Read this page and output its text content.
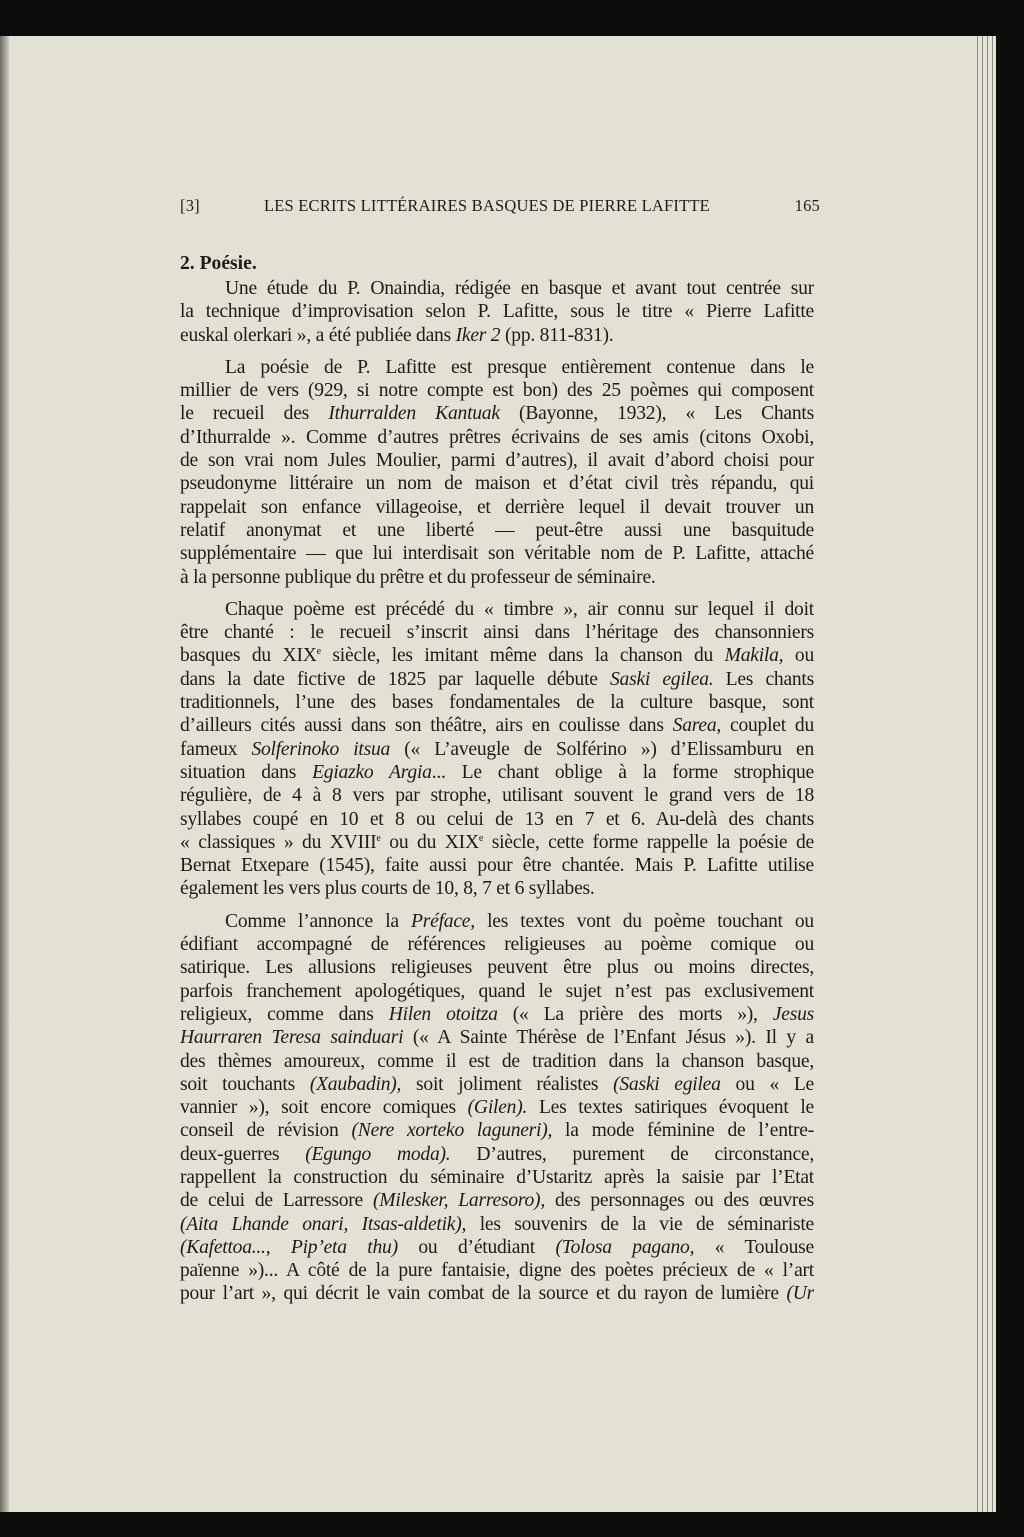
[3]	LES ECRITS LITTÉRAIRES BASQUES DE PIERRE LAFITTE	165
2. Poésie.
Une étude du P. Onaindia, rédigée en basque et avant tout centrée sur
la technique d’improvisation selon P. Lafitte, sous le titre « Pierre Lafitte
euskal olerkari », a été publiée dans Iker 2 (pp. 811-831).
La poésie de P. Lafitte est presque entièrement contenue dans le
millier de vers (929, si notre compte est bon) des 25 poèmes qui composent
le recueil des Ithurralden Kantuak (Bayonne, 1932), « Les Chants
d’Ithurralde ». Comme d’autres prêtres écrivains de ses amis (citons Oxobi,
de son vrai nom Jules Moulier, parmi d’autres), il avait d’abord choisi pour
pseudonyme littéraire un nom de maison et d’état civil très répandu, qui
rappelait son enfance villageoise, et derrière lequel il devait trouver un
relatif anonymat et une liberté — peut-être aussi une basquitude
supplémentaire — que lui interdisait son véritable nom de P. Lafitte, attaché
à la personne publique du prêtre et du professeur de séminaire.
Chaque poème est précédé du « timbre », air connu sur lequel il doit
être chanté : le recueil s’inscrit ainsi dans l’héritage des chansonniers
basques du XIXe siècle, les imitant même dans la chanson du Makila, ou
dans la date fictive de 1825 par laquelle débute Saski egilea. Les chants
traditionnels, l’une des bases fondamentales de la culture basque, sont
d’ailleurs cités aussi dans son théâtre, airs en coulisse dans Sarea, couplet du
fameux Solferinoko itsua (« L’aveugle de Solférino ») d’Elissamburu en
situation dans Egiazko Argia... Le chant oblige à la forme strophique
régulière, de 4 à 8 vers par strophe, utilisant souvent le grand vers de 18
syllabes coupé en 10 et 8 ou celui de 13 en 7 et 6. Au-delà des chants
« classiques » du XVIIIe ou du XIXe siècle, cette forme rappelle la poésie de
Bernat Etxepare (1545), faite aussi pour être chantée. Mais P. Lafitte utilise
également les vers plus courts de 10, 8, 7 et 6 syllabes.
Comme l’annonce la Préface, les textes vont du poème touchant ou
édifiant accompagné de références religieuses au poème comique ou
satirique. Les allusions religieuses peuvent être plus ou moins directes,
parfois franchement apologétiques, quand le sujet n’est pas exclusivement
religieux, comme dans Hilen otoitza (« La prière des morts »), Jesus
Haurraren Teresa sainduari (« A Sainte Thérèse de l’Enfant Jésus »). Il y a
des thèmes amoureux, comme il est de tradition dans la chanson basque,
soit touchants (Xaubadin), soit joliment réalistes (Saski egilea ou « Le
vannier »), soit encore comiques (Gilen). Les textes satiriques évoquent le
conseil de révision (Nere xorteko laguneri), la mode féminine de l’entre-
deux-guerres (Egungo moda). D’autres, purement de circonstance,
rappellent la construction du séminaire d’Ustaritz après la saisie par l’Etat
de celui de Larressore (Milesker, Larresoro), des personnages ou des œuvres
(Aita Lhande onari, Itsas-aldetik), les souvenirs de la vie de séminariste
(Kafettoa..., Pip’eta thu) ou d’étudiant (Tolosa pagano, « Toulouse
païenne »)... A côté de la pure fantaisie, digne des poètes précieux de « l’art
pour l’art », qui décrit le vain combat de la source et du rayon de lumière (Ur
